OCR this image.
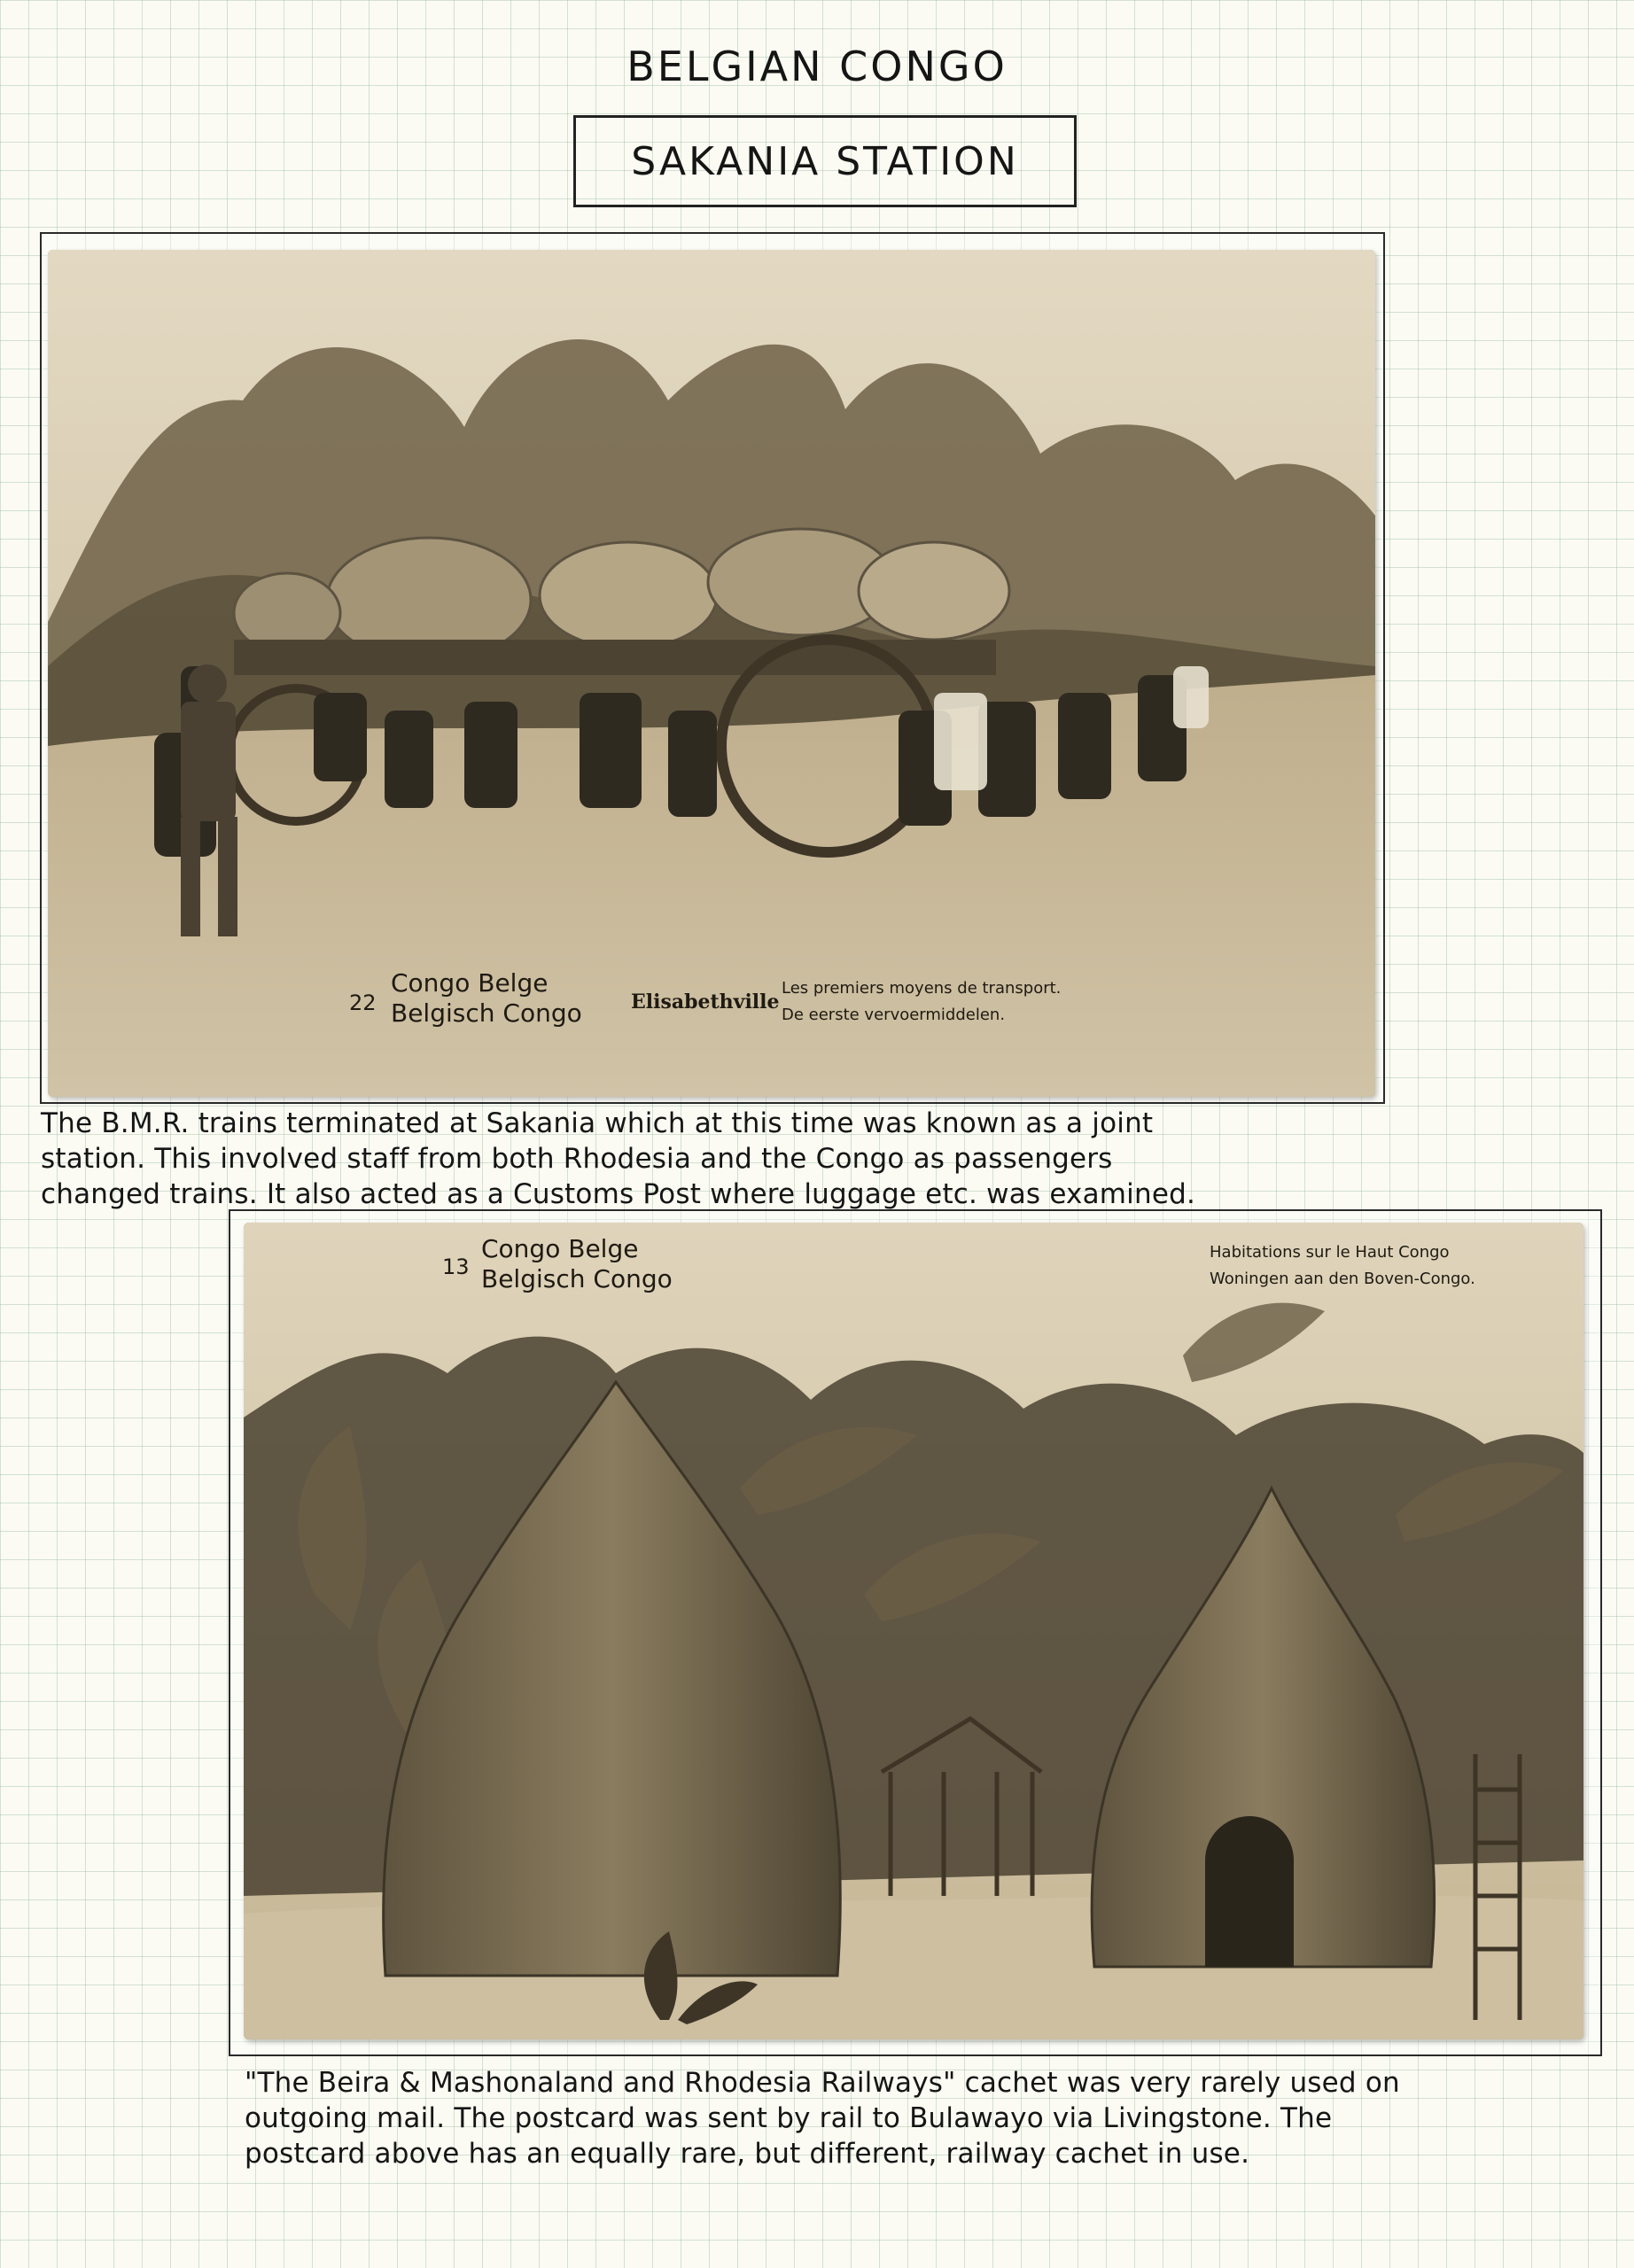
BELGIAN CONGO
SAKANIA STATION
22
Congo Belge
Belgisch Congo	Elisabethville
Les premiers moyens de transport.
De eerste vervoermiddelen.
The B.M.R. trains terminated at Sakania which at this time was known as a joint
station. This involved staff from both Rhodesia and the Congo as passengers
changed trains. It also acted as a Customs Post where luggage etc. was examined.
13
Congo Belge
Belgisch Congo
Habitations sur le Haut Congo
Woningen aan den Boven-Congo.
"The Beira & Mashonaland and Rhodesia Railways" cachet was very rarely used on
outgoing mail. The postcard was sent by rail to Bulawayo via Livingstone. The
postcard above has an equally rare, but different, railway cachet in use.
